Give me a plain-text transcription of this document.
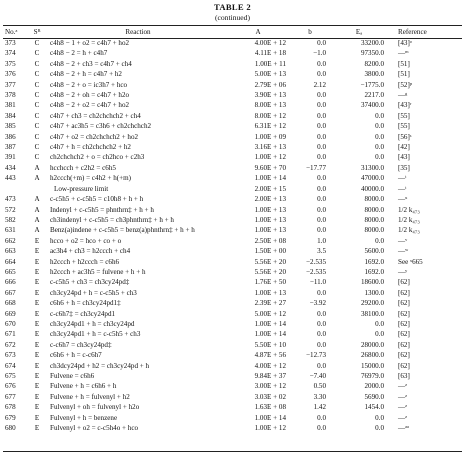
TABLE 2
(continued)
No.ᵃ	Sᴮ	Reaction	A	b	Eₐ	Reference
373	C	c4h8 − 1 + o2 = c4h7 + ho2	4.00E + 12	0.0	33200.0	[43]ᵒ
374	C	c4h8 − 2 = h + c4h7	4.11E + 18	−1.0	97350.0	—ᵐ
375	C	c4h8 − 2 + ch3 = c4h7 + ch4	1.00E + 11	0.0	8200.0	[51]
376	C	c4h8 − 2 + h = c4h7 + h2	5.00E + 13	0.0	3800.0	[51]
377	C	c4h8 − 2 + o = ic3h7 + hco	2.79E + 06	2.12	−1775.0	[52]ᵖ
378	C	c4h8 − 2 + oh = c4h7 + h2o	3.90E + 13	0.0	2217.0	—ᵍ
381	C	c4h8 − 2 + o2 = c4h7 + ho2	8.00E + 13	0.0	37400.0	[43]ʳ
384	C	c4h7 + ch3 = ch2chchch2 + ch4	8.00E + 12	0.0	0.0	[55]
385	C	c4h7 + ac3h5 = c3h6 + ch2chchch2	6.31E + 12	0.0	0.0	[55]
386	C	c4h7 + o2 = ch2chchch2 + ho2	1.00E + 09	0.0	0.0	[56]ˢ
387	C	c4h7 + h = ch2chchch2 + h2	3.16E + 13	0.0	0.0	[42]
391	C	ch2chchch2 + o = ch2hco + c2h3	1.00E + 12	0.0	0.0	[43]
434	A	hcchcch + c2h2 = c6h5	9.60E + 70	−17.77	31300.0	[35]
443	A	h2ccch(+m) = c4h2 + h(+m)	1.00E + 14	0.0	47000.0	—ᵗ
		Low-pressure limit	2.00E + 15	0.0	40000.0	—ᵗ
473	A	c-c5h5 + c-c5h5 = c10h8 + h + h	2.00E + 13	0.0	8000.0	—ᵘ
572	A	Indenyl + c-c5h5 = phnthrn‡ + h + h	1.00E + 13	0.0	8000.0	1/2 k₄₇₃
582	A	ch3indenyl + c-c5h5 = ch3phnthrn‡ + h + h	1.00E + 13	0.0	8000.0	1/2 k₄₇₃
631	A	Benz(a)indene + c-c5h5 = benz(a)phnthrn‡ + h + h	1.00E + 13	0.0	8000.0	1/2 k₄₇₃
662	E	hcco + o2 = hco + co + o	2.50E + 08	1.0	0.0	—ᵛ
663	E	ac3h4 + ch3 = h2ccch + ch4	1.50E + 00	3.5	5600.0	—ʷ
664	E	h2ccch + h2ccch = c6h6	5.56E + 20	−2.535	1692.0	See ˣ665
665	E	h2ccch + ac3h5 = fulvene + h + h	5.56E + 20	−2.535	1692.0	—ʸ
666	E	c-c5h5 + ch3 = ch3cy24pd‡	1.76E + 50	−11.0	18600.0	[62]
667	E	ch3cy24pd + h = c-c5h5 + ch3	1.00E + 13	0.0	1300.0	[62]
668	E	c6h6 + h = ch3cy24pd1‡	2.39E + 27	−3.92	29200.0	[62]
669	E	c-c6h7‡ = ch3cy24pd1	5.00E + 12	0.0	38100.0	[62]
670	E	ch3cy24pd1 + h = ch3cy24pd	1.00E + 14	0.0	0.0	[62]
671	E	ch3cy24pd1 + h = c-c5h5 + ch3	1.00E + 14	0.0	0.0	[62]
672	E	c-c6h7 = ch3cy24pd‡	5.50E + 10	0.0	28000.0	[62]
673	E	c6h6 + h = c-c6h7	4.87E + 56	−12.73	26800.0	[62]
674	E	ch3dcy24pd + h2 = ch3cy24pd + h	4.00E + 12	0.0	15000.0	[62]
675	E	Fulvene = c6h6	9.84E + 37	−7.40	76979.0	[63]
676	E	Fulvene + h = c6h6 + h	3.00E + 12	0.50	2000.0	—ᶻ
677	E	Fulvene + h = fulvenyl + h2	3.03E + 02	3.30	5690.0	—ᶻ
678	E	Fulvenyl + oh = fulvenyl + h2o	1.63E + 08	1.42	1454.0	—ᶻ
679	E	Fulvenyl + h = benzene	1.00E + 14	0.0	0.0	—ᶻ
680	E	Fulvenyl + o2 = c-c5h4o + hco	1.00E + 12	0.0	0.0	—ᵃᵃ
